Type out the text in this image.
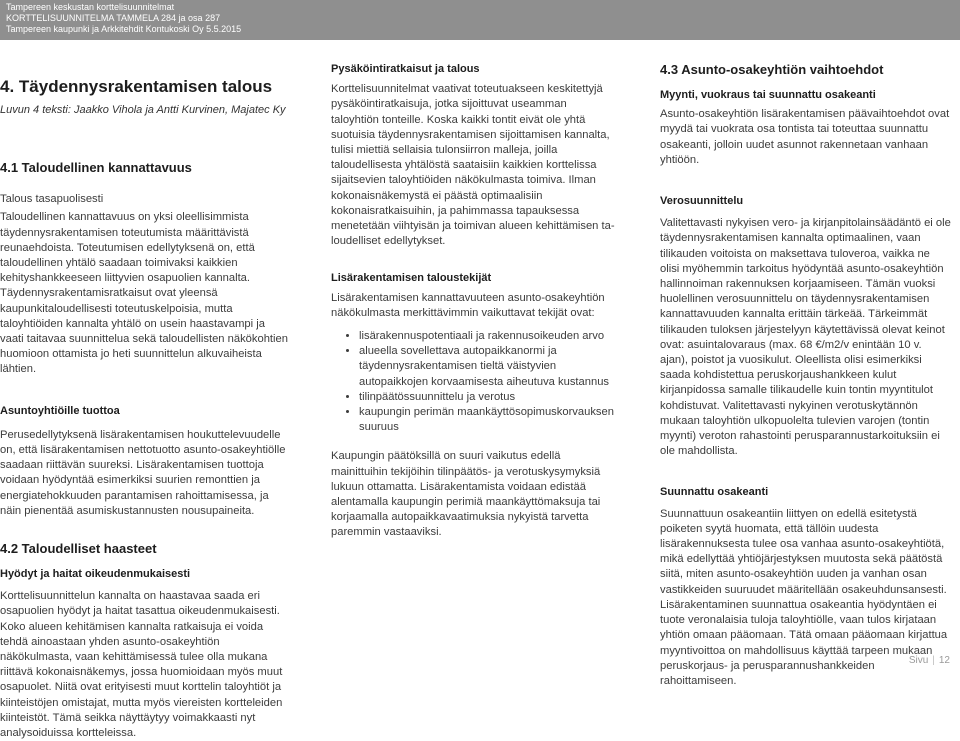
Tampereen keskustan korttelisuunnitelmat
KORTTELISUUNNITELMA TAMMELA 284 ja osa 287
Tampereen kaupunki ja Arkkitehdit Kontukoski Oy 5.5.2015

4. Täydennysrakentamisen talous

Luvun 4 teksti: Jaakko Vihola ja Antti Kurvinen, Majatec Ky

4.1 Taloudellinen kannattavuus

Talous tasapuolisesti

Taloudellinen kannattavuus on yksi oleellisimmista täydennysrakentamisen toteutumista määrittävistä reunaehdoista. Toteutumisen edellytyksenä on, että taloudellinen yhtälö saadaan toimivaksi kaikkien kehityshankkeeseen liittyvien osapuolien kannalta. Täydennysrakentamisratkaisut ovat yleensä kaupunkitaloudellisesti toteutuskelpoisia, mutta taloyhtiöiden kannalta yhtälö on usein haastavampi ja vaati taitavaa suunnittelua sekä taloudellisten näkökohtien huomioon ottamista jo heti suunnittelun alkuvaiheista lähtien.

Asuntoyhtiöille tuottoa

Perusedellytyksenä lisärakentamisen houkuttelevuudelle on, että lisärakentamisen nettotuotto asunto-osakeyhtiölle saadaan riittävän suureksi. Lisärakentamisen tuottoja voidaan hyödyntää esimerkiksi suurien remonttien ja energiatehokkuuden parantamisen rahoittamisessa, ja näin pienentää asumiskustannusten nousupaineita.

4.2 Taloudelliset haasteet

Hyödyt ja haitat oikeudenmukaisesti

Korttelisuunnittelun kannalta on haastavaa saada eri osapuolien hyödyt ja haitat tasattua oikeudenmukaisesti. Koko alueen kehitämisen kannalta ratkaisuja ei voida tehdä ainoastaan yhden asunto-osakeyhtiön näkökulmasta, vaan kehittämisessä tulee olla mukana riittävä kokonaisnäkemys, jossa huomioidaan myös muut osapuolet. Niitä ovat erityisesti muut korttelin taloyhtiöt ja kiinteistöjen omistajat, mutta myös viereisten kortteleiden kiinteistöt. Tämä seikka näyttäytyy voimakkaasti nyt analysoiduissa kortteleissa.

Pysäköintiratkaisut ja talous

Korttelisuunnitelmat vaativat toteutuakseen keskitettyjä pysäköintiratkaisuja, jotka sijoittuvat useamman taloyhtiön tonteille. Koska kaikki tontit eivät ole yhtä suotuisia täydennysrakentamisen sijoittamisen kannalta, tulisi miettiä sellaisia tulonsiirron malleja, joilla taloudellisesta yhtälöstä saataisiin kaikkien korttelissa sijaitsevien taloyhtiöiden näkökulmasta toimiva. Ilman kokonaisnäkemystä ei päästä optimaalisiin kokonaisratkaisuihin, ja pahimmassa tapauksessa menetetään viihtyisän ja toimivan alueen kehittämisen taloudelliset edellytykset.

Lisärakentamisen taloustekijät

Lisärakentamisen kannattavuuteen asunto-osakeyhtiön näkökulmasta merkittävimmin vaikuttavat tekijät ovat:

• lisärakennuspotentiaali ja rakennusoikeuden arvo
• alueella sovellettava autopaikkanormi ja täydennysrakentamisen tieltä väistyvien autopaikkojen korvaamisesta aiheutuva kustannus
• tilinpäätössuunnittelu ja verotus
• kaupungin perimän maankäyttösopimuskorvauksen suuruus

Kaupungin päätöksillä on suuri vaikutus edellä mainittuihin tekijöihin tilinpäätös- ja verotuskysymyksiä lukuun ottamatta. Lisärakentamista voidaan edistää alentamalla kaupungin perimiä maankäyttömaksuja tai korjaamalla autopaikkavaatimuksia nykyistä tarvetta paremmin vastaaviksi.

4.3 Asunto-osakeyhtiön vaihtoehdot

Myynti, vuokraus tai suunnattu osakeanti

Asunto-osakeyhtiön lisärakentamisen päävaihtoehdot ovat myydä tai vuokrata osa tontista tai toteuttaa suunnattu osakeanti, jolloin uudet asunnot rakennetaan vanhaan yhtiöön.

Verosuunnittelu

Valitettavasti nykyisen vero- ja kirjanpitolainsäädäntö ei ole täydennysrakentamisen kannalta optimaalinen, vaan tilikauden voitoista on maksettava tuloveroa, vaikka ne olisi myöhemmin tarkoitus hyödyntää asunto-osakeyhtiön hallinnoiman rakennuksen korjaamiseen. Tämän vuoksi huolellinen verosuunnittelu on täydennysrakentamisen kannattavuuden kannalta erittäin tärkeää. Tärkeimmät tilikauden tuloksen järjestelyyn käytettävissä olevat keinot ovat: asuintalovaraus (max. 68 €/m2/v enintään 10 v. ajan), poistot ja vuosikulut. Oleellista olisi esimerkiksi saada kohdistettua peruskorjaushankkeen kulut kirjanpidossa samalle tilikaudelle kuin tontin myyntitulot kohdistuvat. Valitettavasti nykyinen verotuskytännön mukaan taloyhtiön ulkopuolelta tulevien varojen (tontin myynti) veroton rahastointi perusparannustarkoituksiin ei ole mahdollista.

Suunnattu osakeanti

Suunnattuun osakeantiin liittyen on edellä esitetystä poiketen syytä huomata, että tällöin uudesta lisärakennuksesta tulee osa vanhaa asunto-osakeyhtiötä, mikä edellyttää yhtiöjärjestyksen muutosta sekä päätöstä siitä, miten asunto-osakeyhtiön uuden ja vanhan osan vastikkeiden suuruudet määritellään osakeuhdunsansesti. Lisärakentaminen suunnattua osakeantia hyödyntäen ei tuote veronalaisia tuloja taloyhtiölle, vaan tulos kirjataan yhtiön omaan pääomaan. Tätä omaan pääomaan kirjattua myyntivoittoa on mahdollisuus käyttää tarpeen mukaan peruskorjaus- ja perusparannushankkeiden rahoittamiseen.

Sivu | 12
